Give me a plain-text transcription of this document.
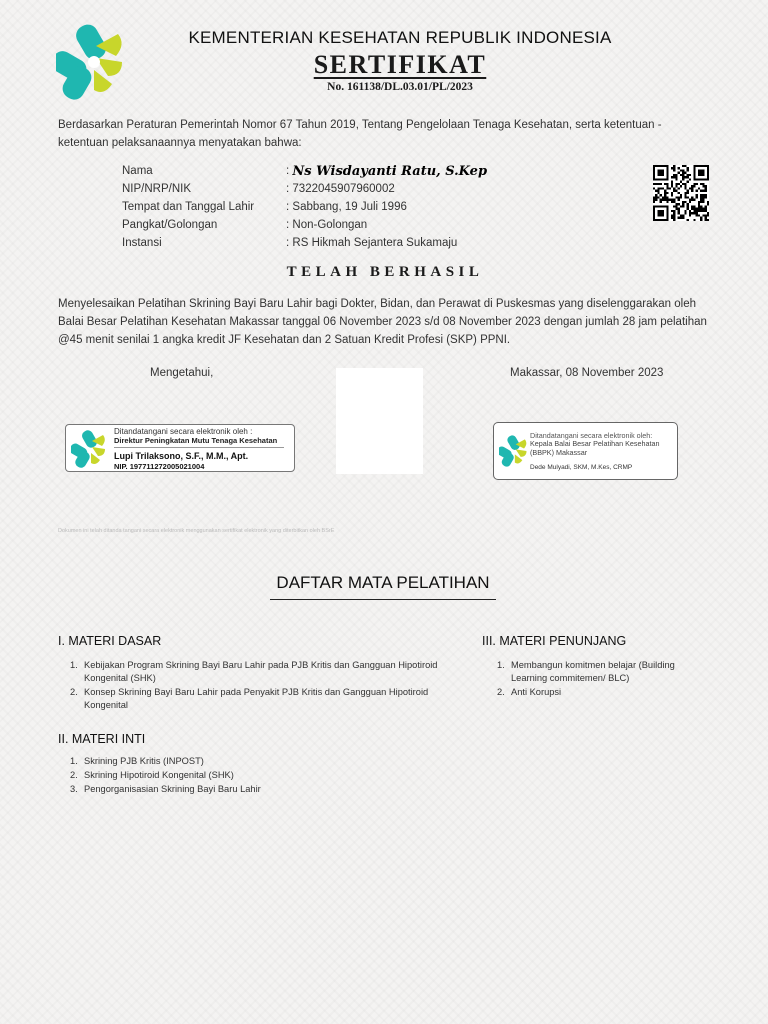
KEMENTERIAN KESEHATAN REPUBLIK INDONESIA
SERTIFIKAT
No. 161138/DL.03.01/PL/2023

Berdasarkan Peraturan Pemerintah Nomor 67 Tahun 2019, Tentang Pengelolaan Tenaga Kesehatan, serta ketentuan - ketentuan pelaksanaannya menyatakan bahwa:

Nama	:
Ns Wisdayanti Ratu, S.Kep
NIP/NRP/NIK	:
7322045907960002
Tempat dan Tanggal Lahir	:
Sabbang, 19 Juli 1996
Pangkat/Golongan	:
Non-Golongan
Instansi	:
RS Hikmah Sejantera Sukamaju
TELAH BERHASIL

Menyelesaikan Pelatihan Skrining Bayi Baru Lahir bagi Dokter, Bidan, dan Perawat di Puskesmas yang diselenggarakan oleh Balai Besar Pelatihan Kesehatan Makassar tanggal 06 November 2023 s/d 08 November 2023 dengan jumlah 28 jam pelatihan @45 menit senilai 1 angka kredit JF Kesehatan dan 2 Satuan Kredit Profesi (SKP) PPNI.

Mengetahui,	Makassar, 08 November 2023
Ditandatangani secara elektronik oleh :
Direktur Peningkatan Mutu Tenaga Kesehatan
Lupi Trilaksono, S.F., M.M., Apt.
NIP. 197711272005021004
Ditandatangani secara elektronik oleh:
Kepala Balai Besar Pelatihan Kesehatan (BBPK) Makassar
Dede Mulyadi, SKM, M.Kes, CRMP
Dokumen ini telah ditanda tangani secara elektronik menggunakan sertifikat elektronik yang diterbitkan oleh BSrE
DAFTAR MATA PELATIHAN
I. MATERI DASAR
1. Kebijakan Program Skrining Bayi Baru Lahir pada PJB Kritis dan Gangguan Hipotiroid Kongenital (SHK)
2. Konsep Skrining Bayi Baru Lahir pada Penyakit PJB Kritis dan Gangguan Hipotiroid Kongenital
II. MATERI INTI
1. Skrining PJB Kritis (INPOST)
2. Skrining Hipotiroid Kongenital (SHK)
3. Pengorganisasian Skrining Bayi Baru Lahir
III. MATERI PENUNJANG
1. Membangun komitmen belajar (Building Learning commitemen/ BLC)
2. Anti Korupsi
